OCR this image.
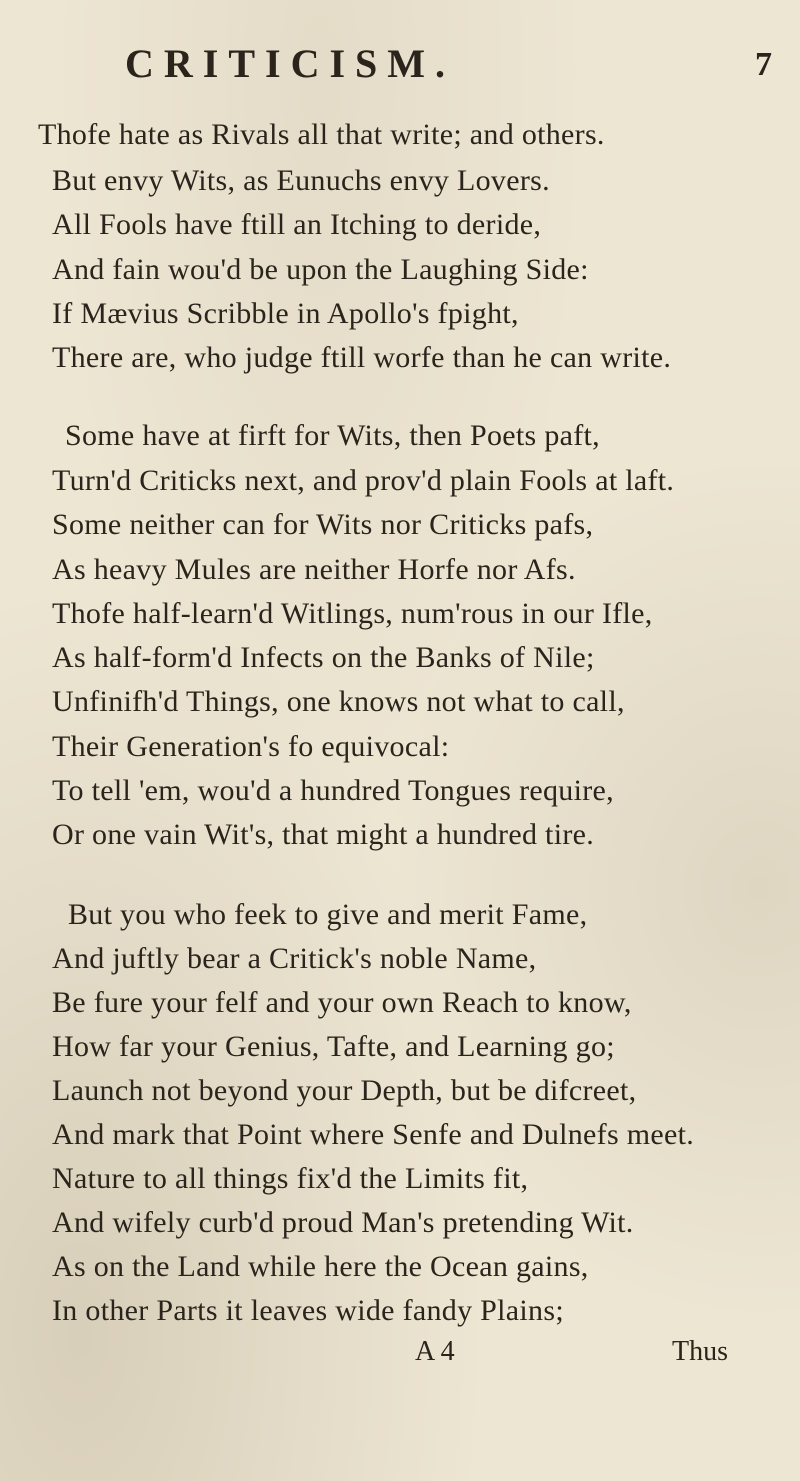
CRITICISM.	7
Thofe hate as Rivals all that write; and others.
But envy Wits, as Eunuchs envy Lovers.
All Fools have ftill an Itching to deride,
And fain wou'd be upon the Laughing Side:
If Mævius Scribble in Apollo's fpight,
There are, who judge ftill worfe than he can write.
Some have at firft for Wits, then Poets paft,
Turn'd Criticks next, and prov'd plain Fools at laft.
Some neither can for Wits nor Criticks pafs,
As heavy Mules are neither Horfe nor Afs.
Thofe half-learn'd Witlings, num'rous in our Ifle,
As half-form'd Infects on the Banks of Nile;
Unfinifh'd Things, one knows not what to call,
Their Generation's fo equivocal:
To tell 'em, wou'd a hundred Tongues require,
Or one vain Wit's, that might a hundred tire.
But you who feek to give and merit Fame,
And juftly bear a Critick's noble Name,
Be fure your felf and your own Reach to know,
How far your Genius, Tafte, and Learning go;
Launch not beyond your Depth, but be difcreet,
And mark that Point where Senfe and Dulnefs meet.
Nature to all things fix'd the Limits fit,
And wifely curb'd proud Man's pretending Wit.
As on the Land while here the Ocean gains,
In other Parts it leaves wide fandy Plains;
A 4	Thus
